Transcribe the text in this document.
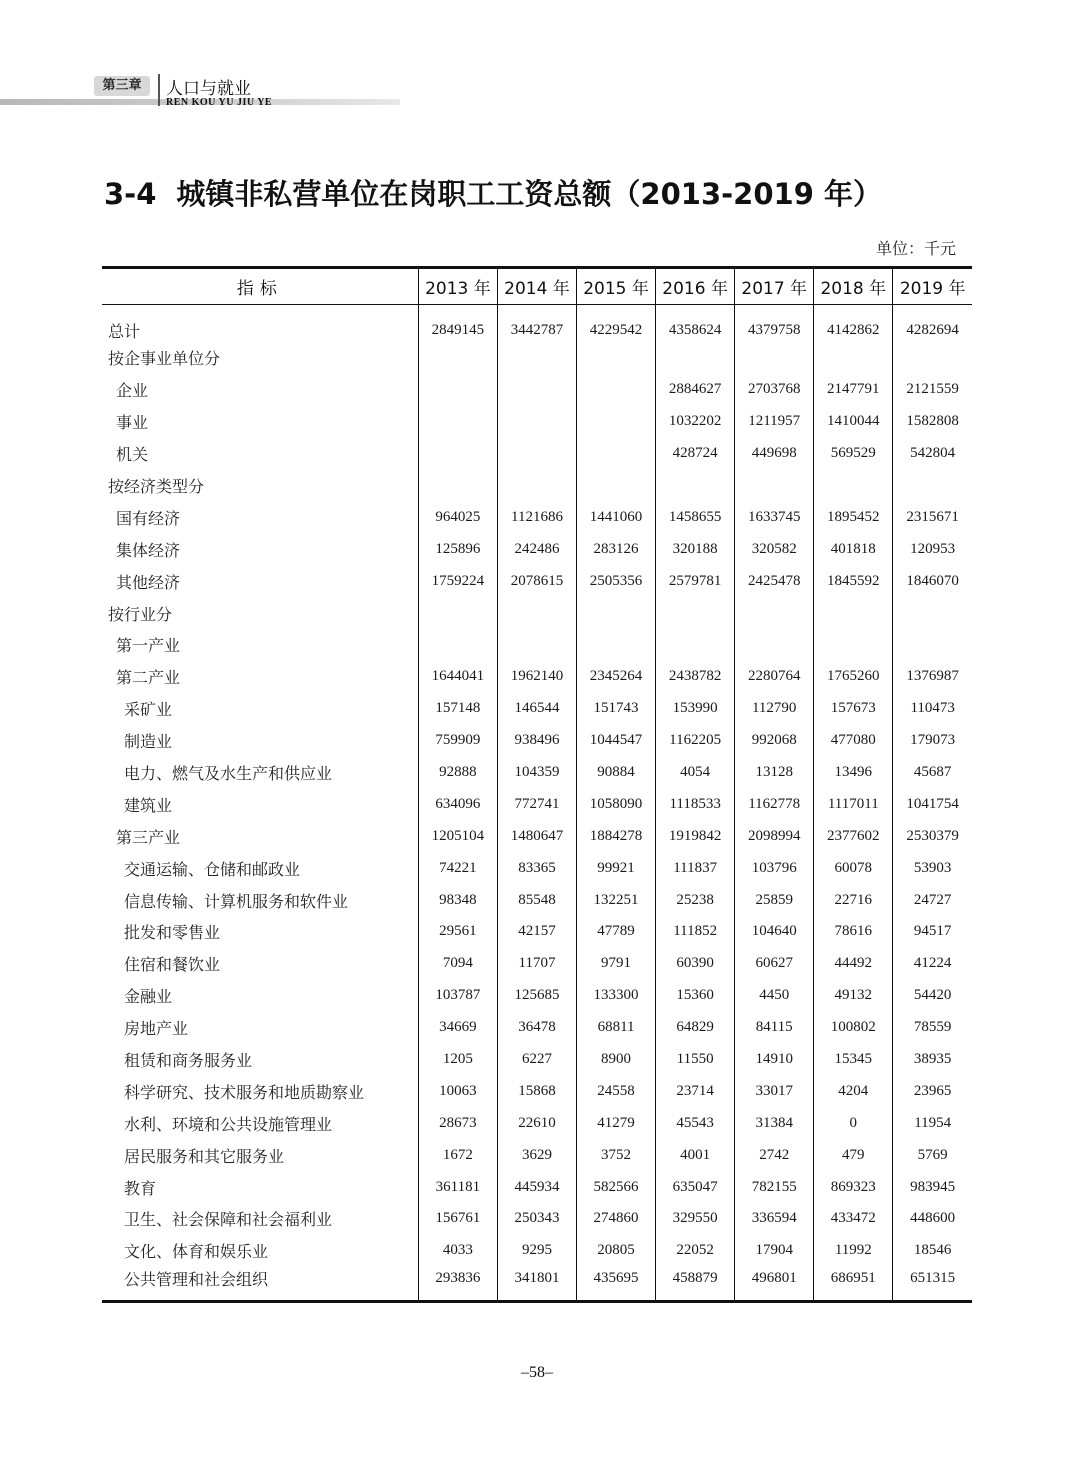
第三章	人口与就业
REN KOU YU JIU YE
3-4 城镇非私营单位在岗职工工资总额（2013-2019 年）
单位：千元
指标	2013 年	2014 年	2015 年	2016 年	2017 年	2018 年	2019 年
总计	2849145	3442787	4229542	4358624	4379758	4142862	4282694
按企事业单位分							
企业				2884627	2703768	2147791	2121559
事业				1032202	1211957	1410044	1582808
机关				428724	449698	569529	542804
按经济类型分							
国有经济	964025	1121686	1441060	1458655	1633745	1895452	2315671
集体经济	125896	242486	283126	320188	320582	401818	120953
其他经济	1759224	2078615	2505356	2579781	2425478	1845592	1846070
按行业分							
第一产业							
第二产业	1644041	1962140	2345264	2438782	2280764	1765260	1376987
采矿业	157148	146544	151743	153990	112790	157673	110473
制造业	759909	938496	1044547	1162205	992068	477080	179073
电力、燃气及水生产和供应业	92888	104359	90884	4054	13128	13496	45687
建筑业	634096	772741	1058090	1118533	1162778	1117011	1041754
第三产业	1205104	1480647	1884278	1919842	2098994	2377602	2530379
交通运输、仓储和邮政业	74221	83365	99921	111837	103796	60078	53903
信息传输、计算机服务和软件业	98348	85548	132251	25238	25859	22716	24727
批发和零售业	29561	42157	47789	111852	104640	78616	94517
住宿和餐饮业	7094	11707	9791	60390	60627	44492	41224
金融业	103787	125685	133300	15360	4450	49132	54420
房地产业	34669	36478	68811	64829	84115	100802	78559
租赁和商务服务业	1205	6227	8900	11550	14910	15345	38935
科学研究、技术服务和地质勘察业	10063	15868	24558	23714	33017	4204	23965
水利、环境和公共设施管理业	28673	22610	41279	45543	31384	0	11954
居民服务和其它服务业	1672	3629	3752	4001	2742	479	5769
教育	361181	445934	582566	635047	782155	869323	983945
卫生、社会保障和社会福利业	156761	250343	274860	329550	336594	433472	448600
文化、体育和娱乐业	4033	9295	20805	22052	17904	11992	18546
公共管理和社会组织	293836	341801	435695	458879	496801	686951	651315
–58–
